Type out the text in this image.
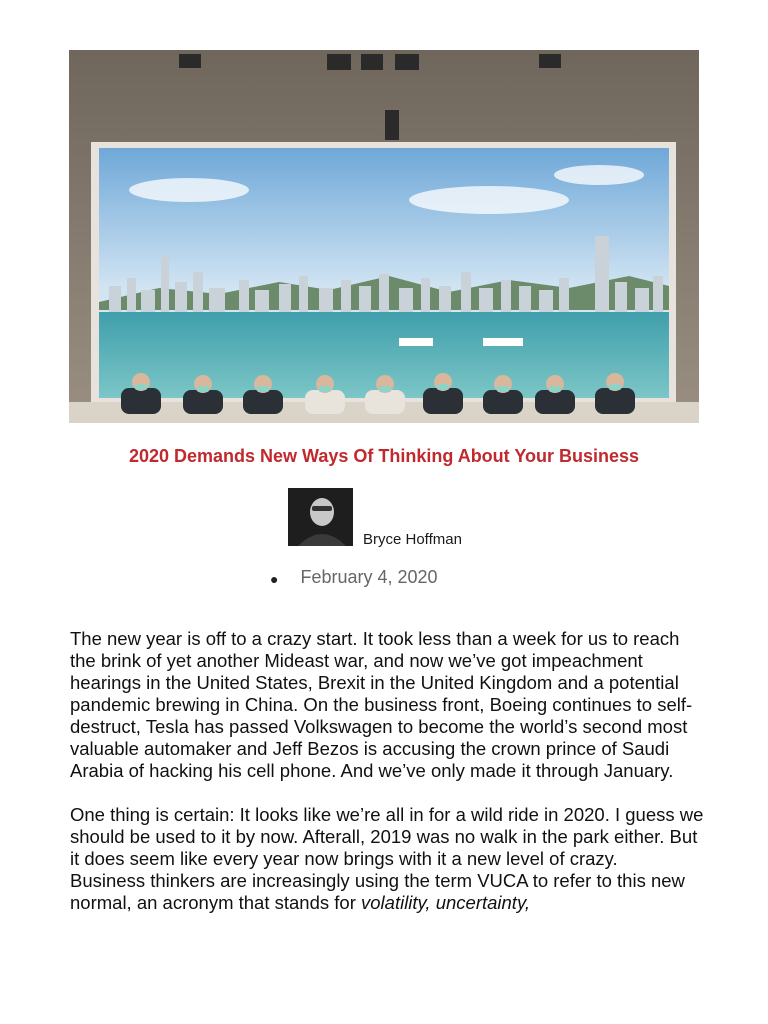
2020 Demands New Ways Of Thinking About Your Business
Bryce Hoffman
● February 4, 2020

The new year is off to a crazy start. It took less than a week for us to reach the brink of yet another Mideast war, and now we’ve got impeachment hearings in the United States, Brexit in the United Kingdom and a potential pandemic brewing in China. On the business front, Boeing continues to self-destruct, Tesla has passed Volkswagen to become the world’s second most valuable automaker and Jeff Bezos is accusing the crown prince of Saudi Arabia of hacking his cell phone. And we’ve only made it through January.

One thing is certain: It looks like we’re all in for a wild ride in 2020. I guess we should be used to it by now. Afterall, 2019 was no walk in the park either. But it does seem like every year now brings with it a new level of crazy.

Business thinkers are increasingly using the term VUCA to refer to this new normal, an acronym that stands for volatility, uncertainty,
